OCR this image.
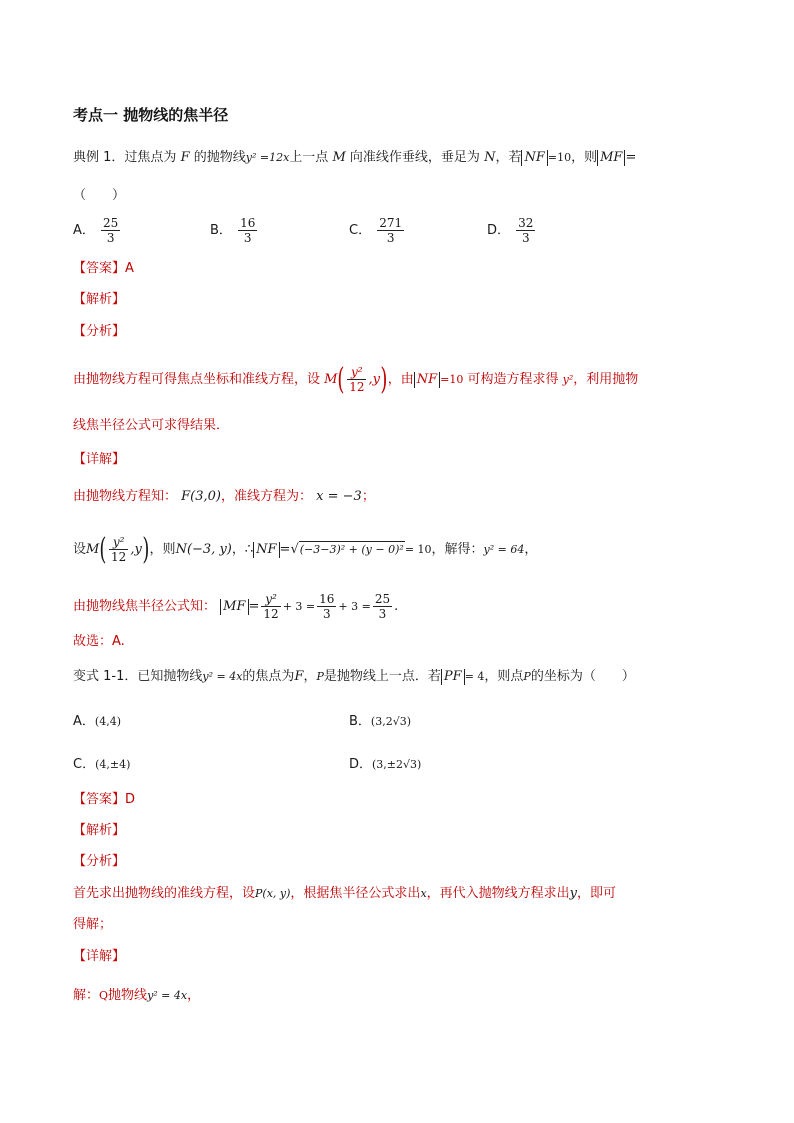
考点一 抛物线的焦半径
典例 1．过焦点为 F 的抛物线y² =12x上一点 M 向准线作垂线，垂足为 N，若 NF =10，则 MF =
（　　）
A． $\frac{25}{3}$	B． $\frac{16}{3}$	C． $\frac{271}{3}$	D． $\frac{32}{3}$
【答案】A
【解析】
【分析】
由抛物线方程可得焦点坐标和准线方程，设 $M( \frac{\text{y²}}{12} ,y)$，由 NF =10 可构造方程求得 y²，利用抛物
线焦半径公式可求得结果．
【详解】
由抛物线方程知： F(3,0)，准线方程为： x = −3；
设$M( \frac{\text{y²}}{12} ,y)$，则N(−3, y)，∴ NF =√(−3−3)² + (y − 0)²= 10，解得：y² = 64，
由抛物线焦半径公式知： MF = $\frac{\text{y²}}{12} + 3 = \frac{16}{3} + 3 = \frac{25}{3}$ .
故选：A.
变式 1-1．已知抛物线y² = 4x的焦点为F，P是抛物线上一点．若 PF = 4，则点P的坐标为（　　）
A．(4,4)	B．(3,2√3)
C．(4,±4)	D．(3,±2√3)
【答案】D
【解析】
【分析】
首先求出抛物线的准线方程，设P(x, y)，根据焦半径公式求出x，再代入抛物线方程求出y，即可
得解；
【详解】
解：Q抛物线y² = 4x，
